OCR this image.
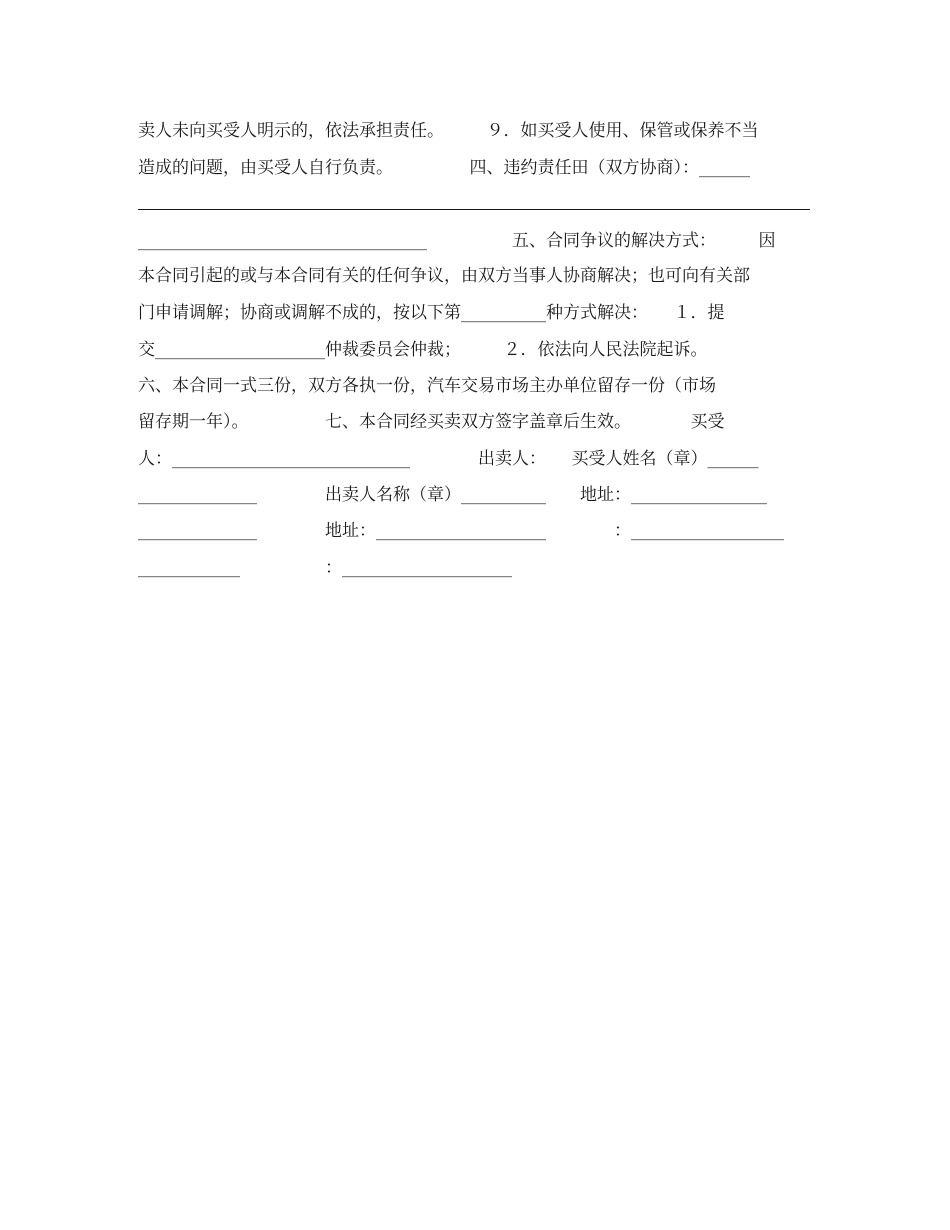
卖人未向买受人明示的，依法承担责任。　　　９．如买受人使用、保管或保养不当
造成的问题，由买受人自行负责。　　　　　四、违约责任田（双方协商）：______
__________________________________　　　　　五、合同争议的解决方式：　　　因
本合同引起的或与本合同有关的任何争议，由双方当事人协商解决；也可向有关部
门申请调解；协商或调解不成的，按以下第__________种方式解决：　　１．提
交____________________仲裁委员会仲裁；　　　２．依法向人民法院起诉。
六、本合同一式三份，双方各执一份，汽车交易市场主办单位留存一份（市场
留存期一年）。　　　　　七、本合同经买卖双方签字盖章后生效。　　　　买受
人：____________________________　　　　出卖人：　　买受人姓名（章）______
______________　　　　出卖人名称（章）__________　　地址：________________
______________　　　　地址：____________________　　　　：__________________
____________　　　　　：____________________
